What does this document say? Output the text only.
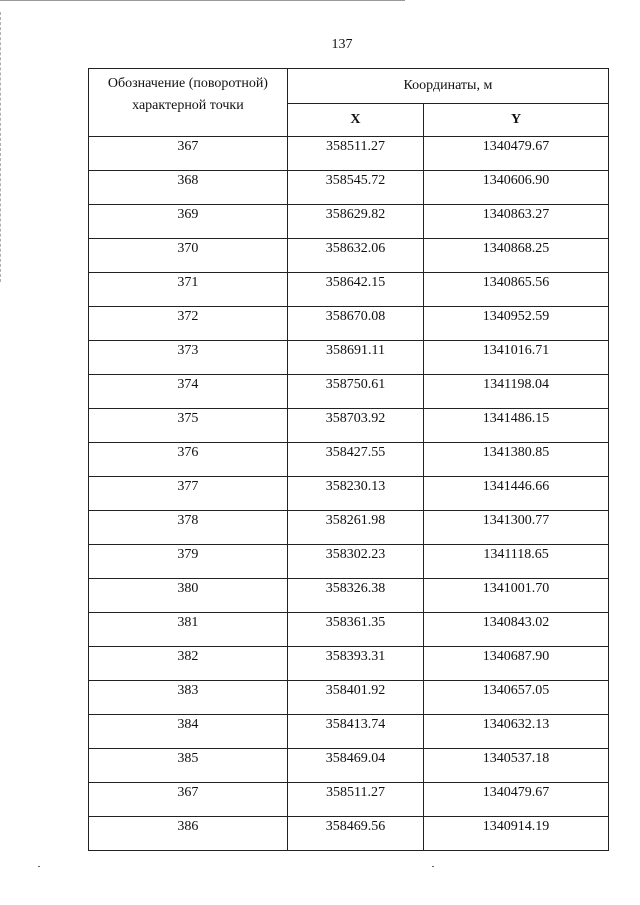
137
Обозначение (поворотной) характерной точки	Координаты, м	
	X	Y
367	358511.27	1340479.67
368	358545.72	1340606.90
369	358629.82	1340863.27
370	358632.06	1340868.25
371	358642.15	1340865.56
372	358670.08	1340952.59
373	358691.11	1341016.71
374	358750.61	1341198.04
375	358703.92	1341486.15
376	358427.55	1341380.85
377	358230.13	1341446.66
378	358261.98	1341300.77
379	358302.23	1341118.65
380	358326.38	1341001.70
381	358361.35	1340843.02
382	358393.31	1340687.90
383	358401.92	1340657.05
384	358413.74	1340632.13
385	358469.04	1340537.18
367	358511.27	1340479.67
386	358469.56	1340914.19
